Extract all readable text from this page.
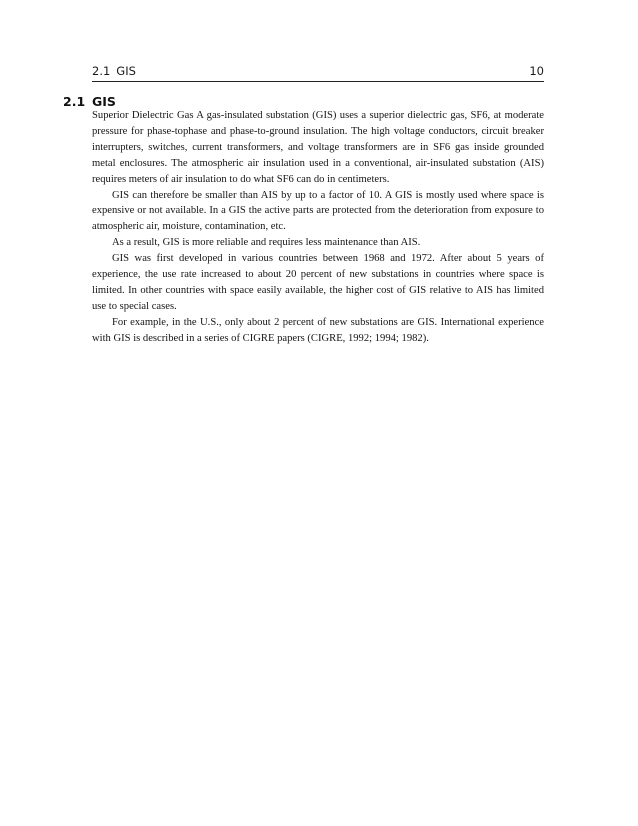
2.1 GIS	10
2.1 GIS

Superior Dielectric Gas A gas-insulated substation (GIS) uses a superior dielectric gas, SF6, at moderate pressure for phase-tophase and phase-to-ground insulation. The high voltage conductors, circuit breaker interrupters, switches, current transformers, and voltage transformers are in SF6 gas inside grounded metal enclosures. The atmospheric air insulation used in a conventional, air-insulated substation (AIS) requires meters of air insulation to do what SF6 can do in centimeters.

GIS can therefore be smaller than AIS by up to a factor of 10. A GIS is mostly used where space is expensive or not available. In a GIS the active parts are protected from the deterioration from exposure to atmospheric air, moisture, contamination, etc.

As a result, GIS is more reliable and requires less maintenance than AIS.

GIS was first developed in various countries between 1968 and 1972. After about 5 years of experience, the use rate increased to about 20 percent of new substations in countries where space is limited. In other countries with space easily available, the higher cost of GIS relative to AIS has limited use to special cases.

For example, in the U.S., only about 2 percent of new substations are GIS. International experience with GIS is described in a series of CIGRE papers (CIGRE, 1992; 1994; 1982).
